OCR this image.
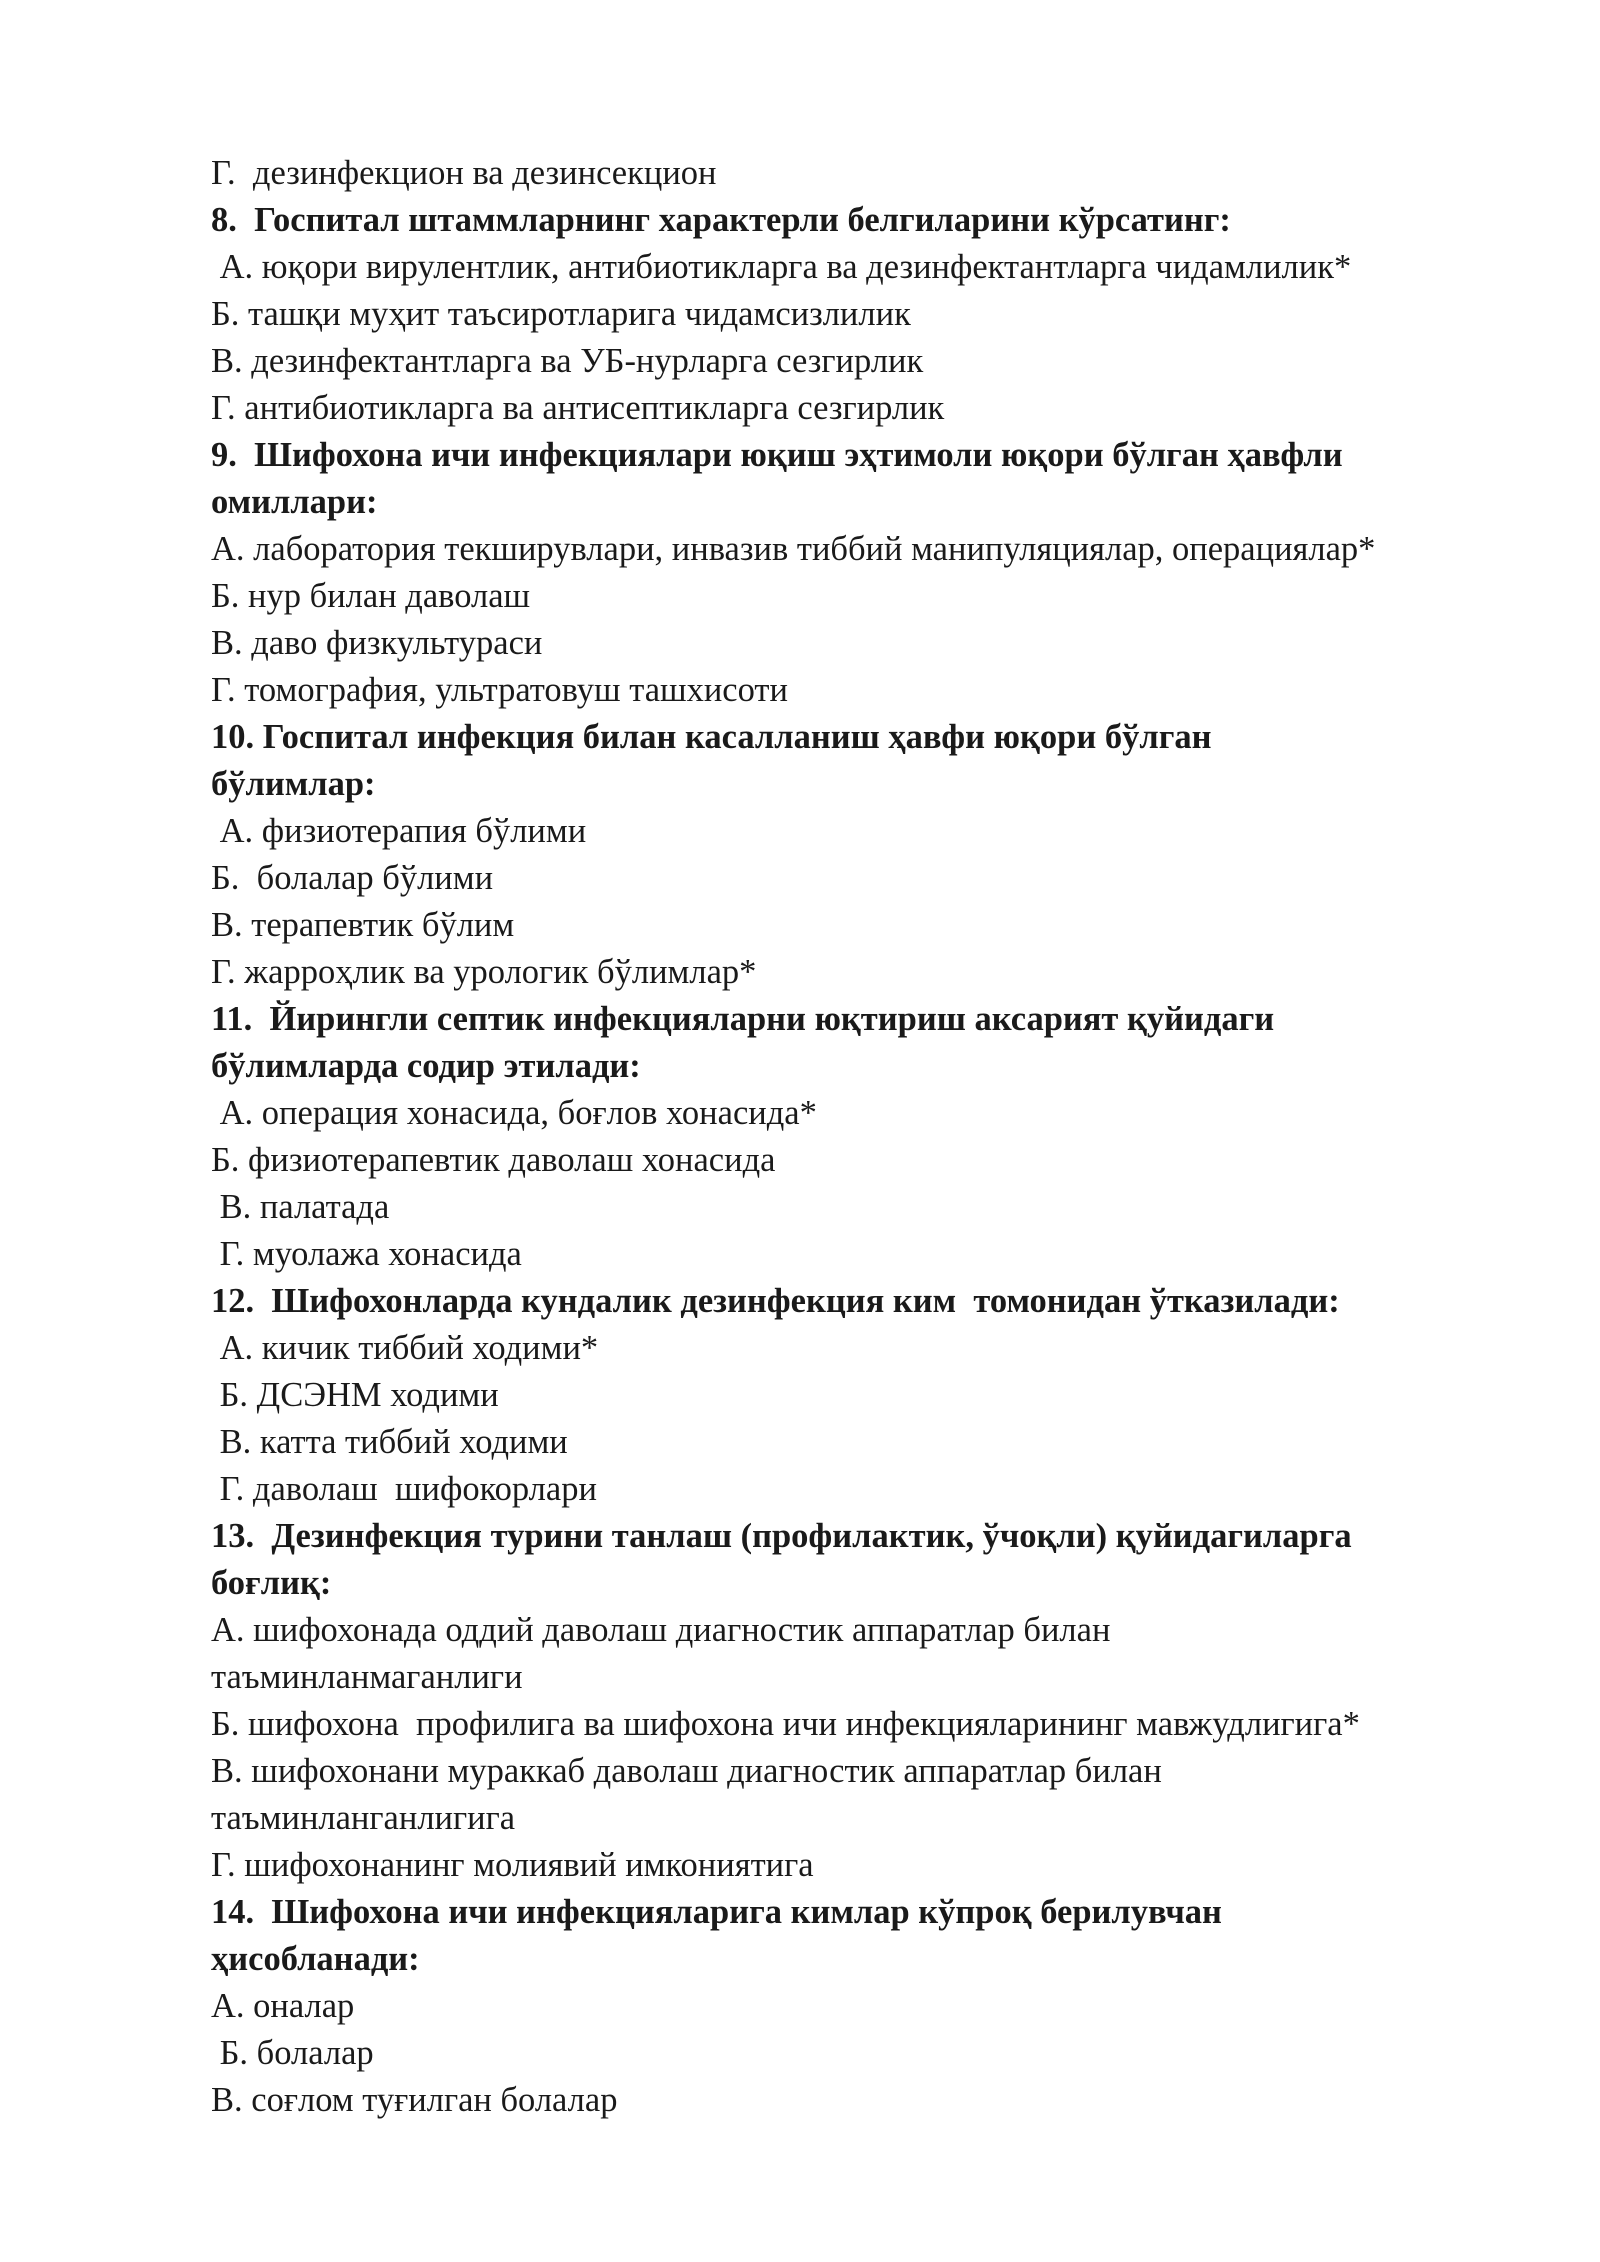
Г.  дезинфекцион ва дезинсекцион
8.  Госпитал штаммларнинг характерли белгиларини кўрсатинг:
А. юқори вирулентлик, антибиотикларга ва дезинфектантларга чидамлилик*
Б. ташқи муҳит таъсиротларига чидамсизлилик
В. дезинфектантларга ва УБ-нурларга сезгирлик
Г. антибиотикларга ва антисептикларга сезгирлик
9.  Шифохона ичи инфекциялари юқиш эҳтимоли юқори бўлган ҳавфли
омиллари:
А. лаборатория текширувлари, инвазив тиббий манипуляциялар, операциялар*
Б. нур билан даволаш
В. даво физкультураси
Г. томография, ультратовуш ташхисоти
10. Госпитал инфекция билан касалланиш ҳавфи юқори бўлган
бўлимлар:
А. физиотерапия бўлими
Б.  болалар бўлими
В. терапевтик бўлим
Г. жарроҳлик ва урологик бўлимлар*
11.  Йирингли септик инфекцияларни юқтириш аксарият қуйидаги
бўлимларда содир этилади:
А. операция хонасида, боғлов хонасида*
Б. физиотерапевтик даволаш хонасида
В. палатада
Г. муолажа хонасида
12.  Шифохонларда кундалик дезинфекция ким  томонидан ўтказилади:
А. кичик тиббий ходими*
Б. ДСЭНМ ходими
В. катта тиббий ходими
Г. даволаш  шифокорлари
13.  Дезинфекция турини танлаш (профилактик, ўчоқли) қуйидагиларга
боғлиқ:
А. шифохонада оддий даволаш диагностик аппаратлар билан
таъминланмаганлиги
Б. шифохона  профилига ва шифохона ичи инфекцияларининг мавжудлигига*
В. шифохонани мураккаб даволаш диагностик аппаратлар билан
таъминланганлигига
Г. шифохонанинг молиявий имкониятига
14.  Шифохона ичи инфекцияларига кимлар кўпроқ берилувчан
ҳисобланади:
А. оналар
Б. болалар
В. соғлом туғилган болалар
